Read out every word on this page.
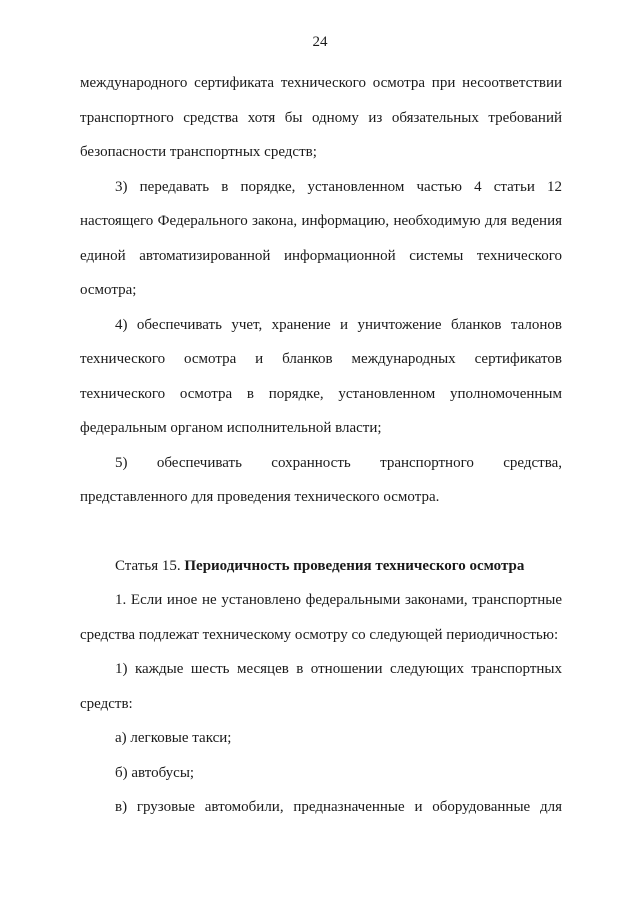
24

международного сертификата технического осмотра при несоответствии транспортного средства хотя бы одному из обязательных требований безопасности транспортных средств;

3) передавать в порядке, установленном частью 4 статьи 12 настоящего Федерального закона, информацию, необходимую для ведения единой автоматизированной информационной системы технического осмотра;

4) обеспечивать учет, хранение и уничтожение бланков талонов технического осмотра и бланков международных сертификатов технического осмотра в порядке, установленном уполномоченным федеральным органом исполнительной власти;

5) обеспечивать сохранность транспортного средства, представленного для проведения технического осмотра.

Статья 15. Периодичность проведения технического осмотра

1. Если иное не установлено федеральными законами, транспортные средства подлежат техническому осмотру со следующей периодичностью:

1) каждые шесть месяцев в отношении следующих транспортных средств:

а) легковые такси;

б) автобусы;

в) грузовые автомобили, предназначенные и оборудованные для
